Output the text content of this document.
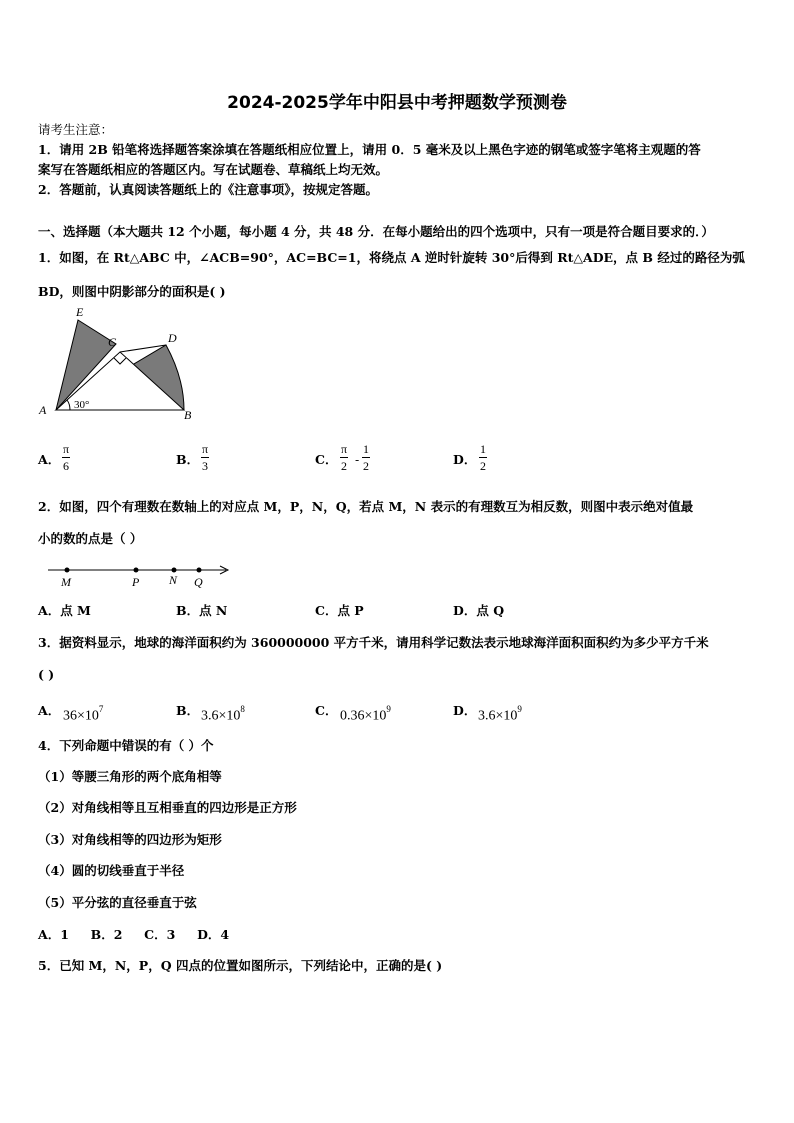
2024-2025学年中阳县中考押题数学预测卷
请考生注意：
1．请用 2B 铅笔将选择题答案涂填在答题纸相应位置上，请用 0．5 毫米及以上黑色字迹的钢笔或签字笔将主观题的答
案写在答题纸相应的答题区内。写在试题卷、草稿纸上均无效。
2．答题前，认真阅读答题纸上的《注意事项》，按规定答题。
一、选择题（本大题共 12 个小题，每小题 4 分，共 48 分．在每小题给出的四个选项中，只有一项是符合题目要求的．）
1．如图，在 Rt△ABC 中，∠ACB=90°，AC=BC=1，将绕点 A 逆时针旋转 30°后得到 Rt△ADE，点 B 经过的路径为弧
BD，则图中阴影部分的面积是( )
E
C	D
A	B
30°
A．
π
6	B．
π
3	C．
π
2 -
1
2	D．
1
2
2．如图，四个有理数在数轴上的对应点 M，P，N，Q，若点 M，N 表示的有理数互为相反数，则图中表示绝对值最
小的数的点是（ ）
M	P N Q
A．点 M	B．点 N	C．点 P	D．点 Q
3．据资料显示，地球的海洋面积约为 360000000 平方千米，请用科学记数法表示地球海洋面积面积约为多少平方千米
( )
A． $36\times 10^7$	B． $3.6\times 10^8$	C． $0.36\times 10^9$	D． $3.6\times 10^9$
4．下列命题中错误的有（ ）个
（1）等腰三角形的两个底角相等
（2）对角线相等且互相垂直的四边形是正方形
（3）对角线相等的四边形为矩形
（4）圆的切线垂直于半径
（5）平分弦的直径垂直于弦
A．1     B．2     C．3     D．4
5．已知 M，N，P，Q 四点的位置如图所示，下列结论中，正确的是( )
